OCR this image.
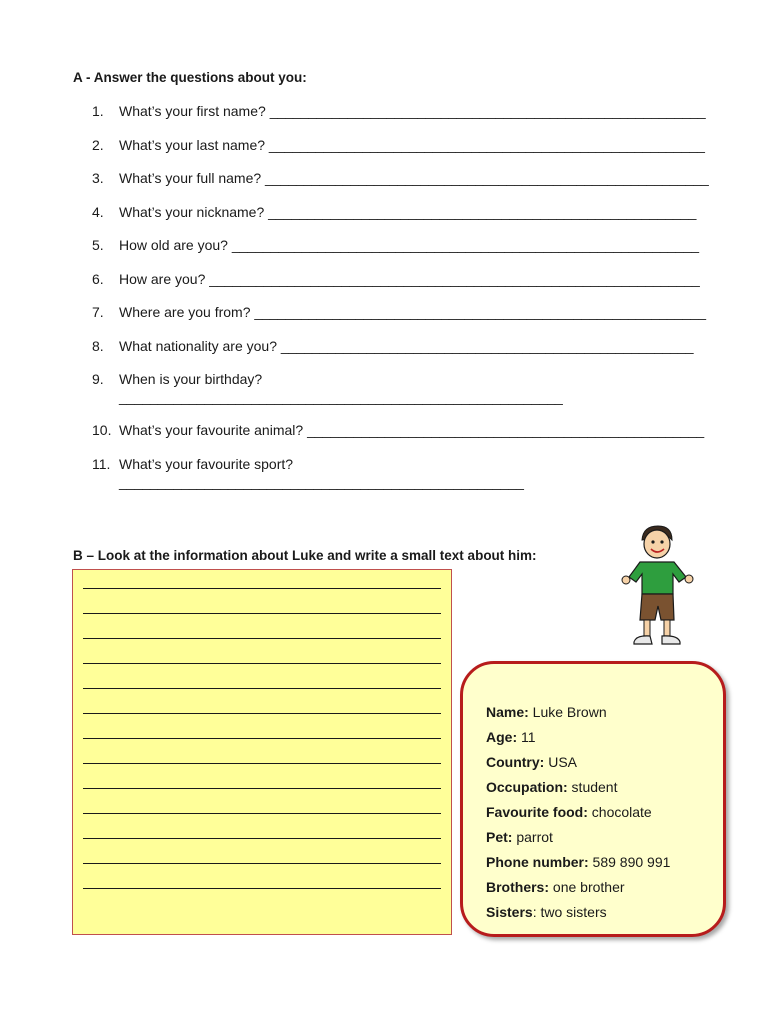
A - Answer the questions about you:
1. What’s your first name? ________________________________________________________
2. What’s your last name? ________________________________________________________
3. What’s your full name? _________________________________________________________
4. What’s your nickname? _______________________________________________________
5. How old are you? ____________________________________________________________
6. How are you? _______________________________________________________________
7. Where are you from? __________________________________________________________
8. What nationality are you? _____________________________________________________
9. When is your birthday?
_________________________________________________________
10. What’s your favourite animal? ___________________________________________________
11. What’s your favourite sport?
____________________________________________________
B – Look at the information about Luke and write a small text about him:
Name: Luke Brown
Age: 11
Country: USA
Occupation: student
Favourite food: chocolate
Pet: parrot
Phone number: 589 890 991
Brothers: one brother
Sisters: two sisters
